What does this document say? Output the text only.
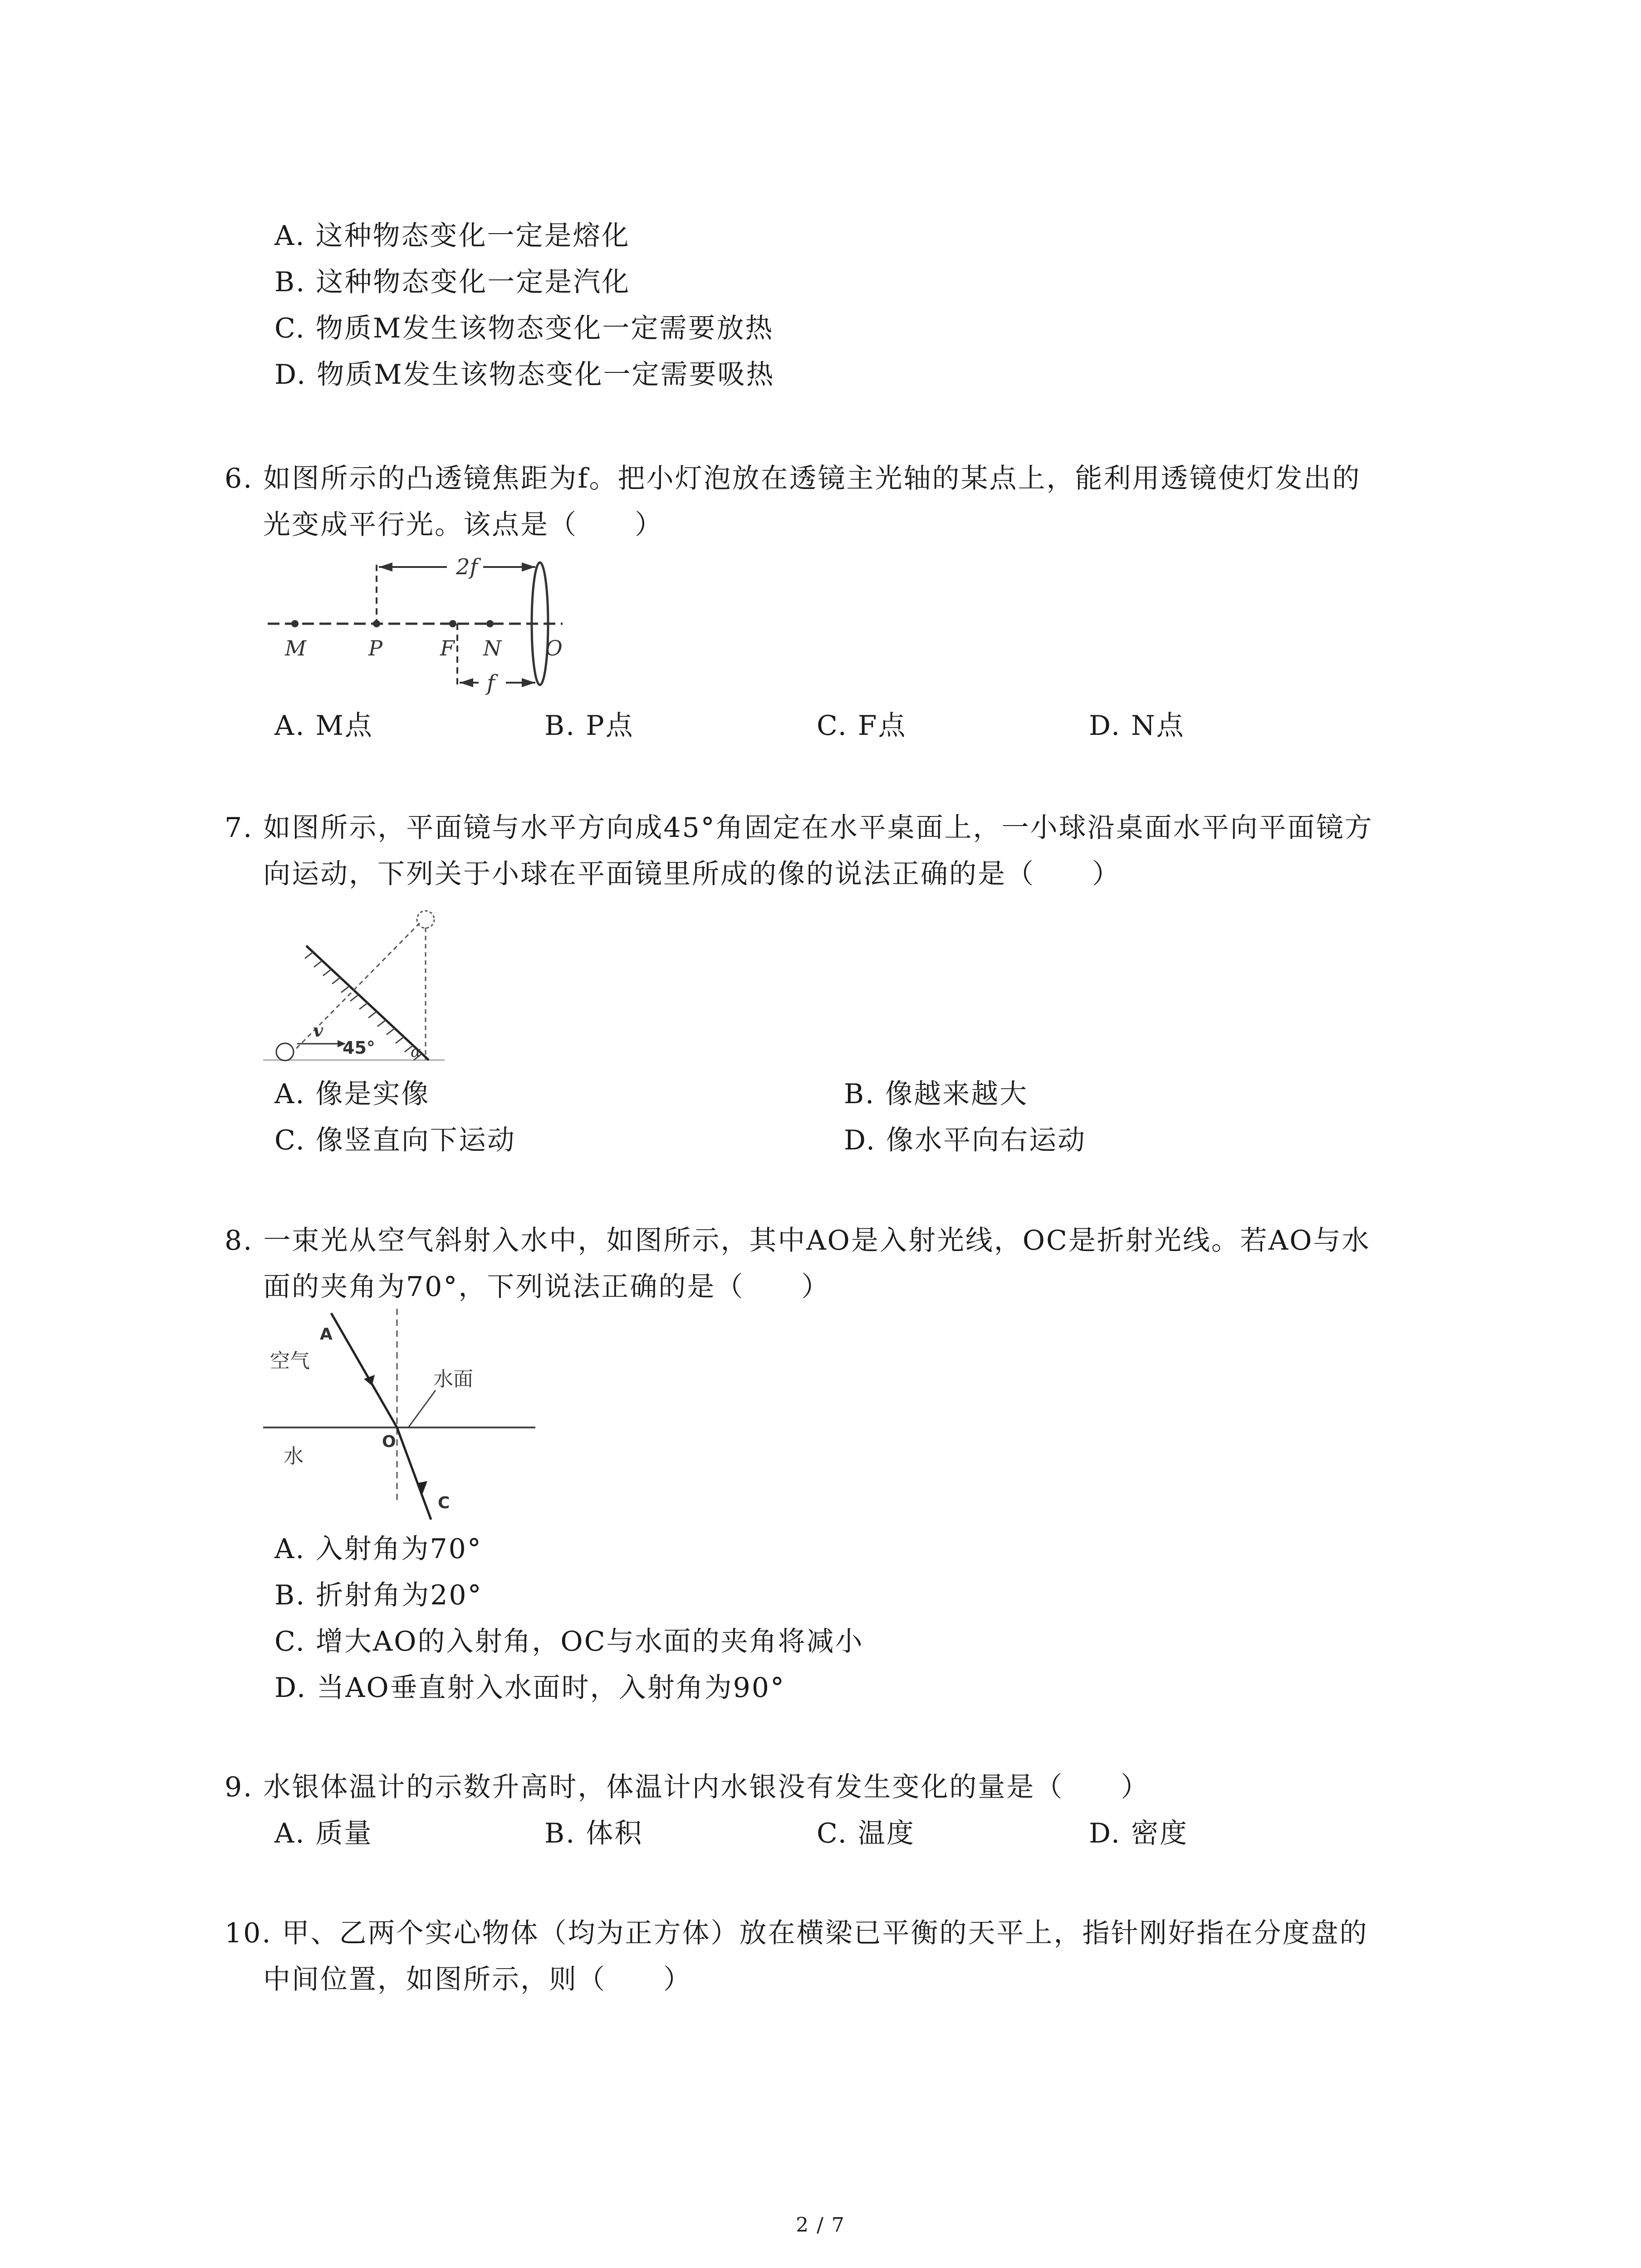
A. 这种物态变化一定是熔化
B. 这种物态变化一定是汽化
C. 物质M发生该物态变化一定需要放热
D. 物质M发生该物态变化一定需要吸热
6. 如图所示的凸透镜焦距为f。把小灯泡放在透镜主光轴的某点上，能利用透镜使灯发出的
光变成平行光。该点是（　　）
2f
f
M	P	F N O
A. M点	B. P点	C. F点	D. N点
7. 如图所示，平面镜与水平方向成45°角固定在水平桌面上，一小球沿桌面水平向平面镜方
向运动，下列关于小球在平面镜里所成的像的说法正确的是（　　）
v
45° α
A. 像是实像	B. 像越来越大
C. 像竖直向下运动	D. 像水平向右运动
8. 一束光从空气斜射入水中，如图所示，其中AO是入射光线，OC是折射光线。若AO与水
面的夹角为70°，下列说法正确的是（　　）
空气
水
水面
A
O
C
A. 入射角为70°
B. 折射角为20°
C. 增大AO的入射角，OC与水面的夹角将减小
D. 当AO垂直射入水面时，入射角为90°
9. 水银体温计的示数升高时，体温计内水银没有发生变化的量是（　　）
A. 质量	B. 体积	C. 温度	D. 密度
10. 甲、乙两个实心物体（均为正方体）放在横梁已平衡的天平上，指针刚好指在分度盘的
中间位置，如图所示，则（　　）
2 / 7
